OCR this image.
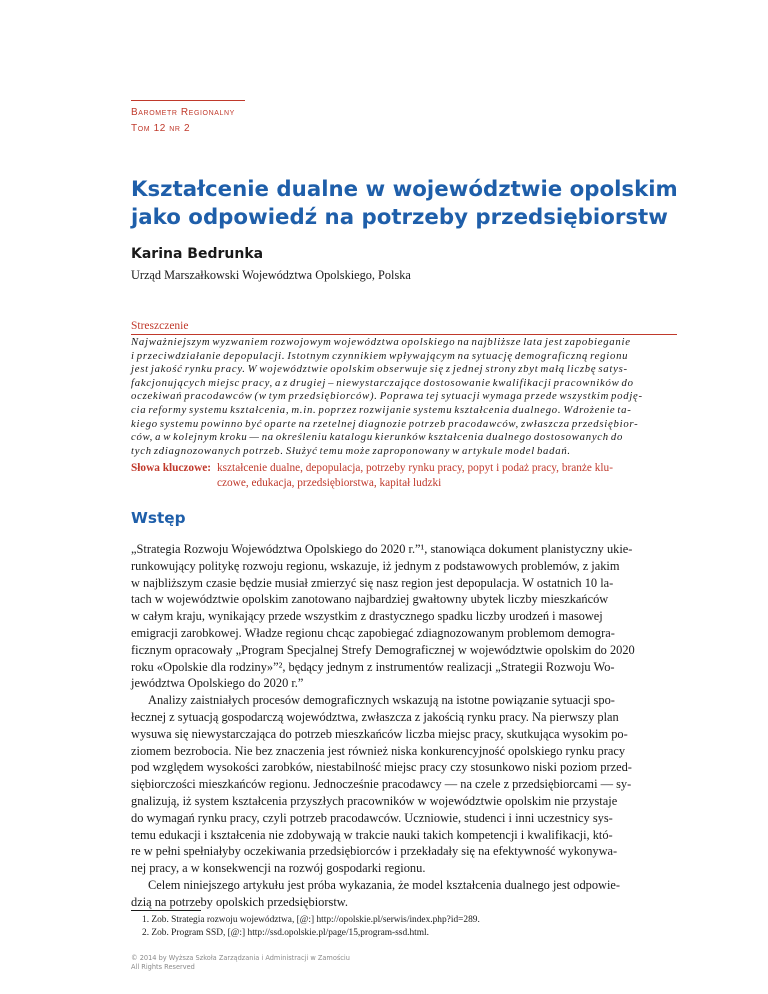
Barometr Regionalny
Tom 12 nr 2
Kształcenie dualne w województwie opolskim
jako odpowiedź na potrzeby przedsiębiorstw
Karina Bedrunka
Urząd Marszałkowski Województwa Opolskiego, Polska
Streszczenie
Najważniejszym wyzwaniem rozwojowym województwa opolskiego na najbliższe lata jest zapobieganie
i przeciwdziałanie depopulacji. Istotnym czynnikiem wpływającym na sytuację demograficzną regionu
jest jakość rynku pracy. W województwie opolskim obserwuje się z jednej strony zbyt małą liczbę satys-
fakcjonujących miejsc pracy, a z drugiej – niewystarczające dostosowanie kwalifikacji pracowników do
oczekiwań pracodawców (w tym przedsiębiorców). Poprawa tej sytuacji wymaga przede wszystkim podję-
cia reformy systemu kształcenia, m.in. poprzez rozwijanie systemu kształcenia dualnego. Wdrożenie ta-
kiego systemu powinno być oparte na rzetelnej diagnozie potrzeb pracodawców, zwłaszcza przedsiębior-
ców, a w kolejnym kroku — na określeniu katalogu kierunków kształcenia dualnego dostosowanych do
tych zdiagnozowanych potrzeb. Służyć temu może zaproponowany w artykule model badań.
Słowa kluczowe: kształcenie dualne, depopulacja, potrzeby rynku pracy, popyt i podaż pracy, branże klu-
czowe, edukacja, przedsiębiorstwa, kapitał ludzki
Wstęp
„Strategia Rozwoju Województwa Opolskiego do 2020 r.”¹, stanowiąca dokument planistyczny ukie-
runkowujący politykę rozwoju regionu, wskazuje, iż jednym z podstawowych problemów, z jakim
w najbliższym czasie będzie musiał zmierzyć się nasz region jest depopulacja. W ostatnich 10 la-
tach w województwie opolskim zanotowano najbardziej gwałtowny ubytek liczby mieszkańców
w całym kraju, wynikający przede wszystkim z drastycznego spadku liczby urodzeń i masowej
emigracji zarobkowej. Władze regionu chcąc zapobiegać zdiagnozowanym problemom demogra-
ficznym opracowały „Program Specjalnej Strefy Demograficznej w województwie opolskim do 2020
roku «Opolskie dla rodziny»”², będący jednym z instrumentów realizacji „Strategii Rozwoju Wo-
jewództwa Opolskiego do 2020 r.”
Analizy zaistniałych procesów demograficznych wskazują na istotne powiązanie sytuacji spo-
łecznej z sytuacją gospodarczą województwa, zwłaszcza z jakością rynku pracy. Na pierwszy plan
wysuwa się niewystarczająca do potrzeb mieszkańców liczba miejsc pracy, skutkująca wysokim po-
ziomem bezrobocia. Nie bez znaczenia jest również niska konkurencyjność opolskiego rynku pracy
pod względem wysokości zarobków, niestabilność miejsc pracy czy stosunkowo niski poziom przed-
siębiorczości mieszkańców regionu. Jednocześnie pracodawcy — na czele z przedsiębiorcami — sy-
gnalizują, iż system kształcenia przyszłych pracowników w województwie opolskim nie przystaje
do wymagań rynku pracy, czyli potrzeb pracodawców. Uczniowie, studenci i inni uczestnicy sys-
temu edukacji i kształcenia nie zdobywają w trakcie nauki takich kompetencji i kwalifikacji, któ-
re w pełni spełniałyby oczekiwania przedsiębiorców i przekładały się na efektywność wykonywa-
nej pracy, a w konsekwencji na rozwój gospodarki regionu.
Celem niniejszego artykułu jest próba wykazania, że model kształcenia dualnego jest odpowie-
dzią na potrzeby opolskich przedsiębiorstw.
1. Zob. Strategia rozwoju województwa, [@:] http://opolskie.pl/serwis/index.php?id=289.
2. Zob. Program SSD, [@:] http://ssd.opolskie.pl/page/15,program-ssd.html.
© 2014 by Wyższa Szkoła Zarządzania i Administracji w Zamościu
All Rights Reserved
